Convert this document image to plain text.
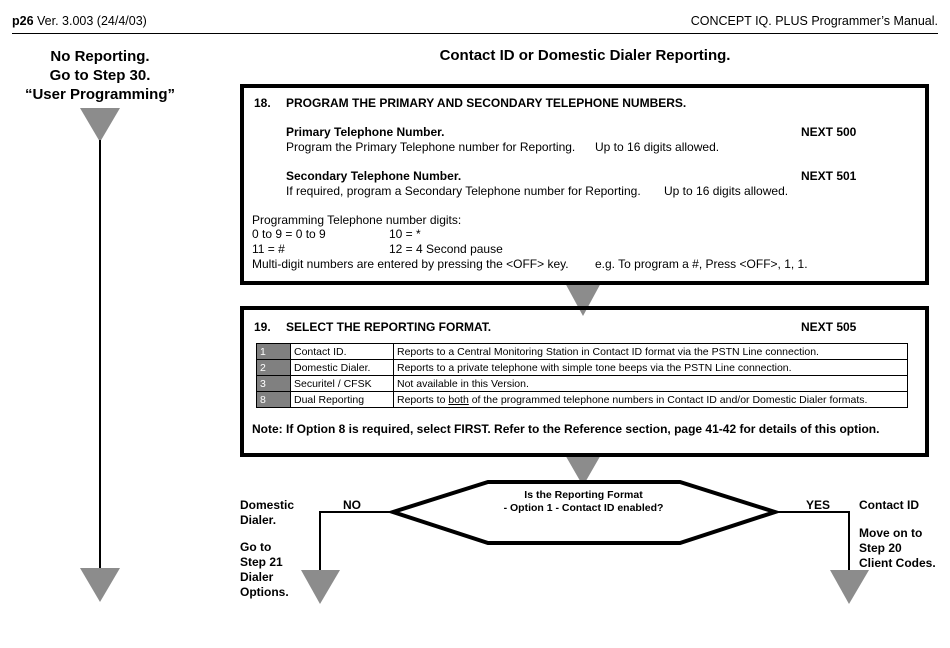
p26 Ver. 3.003 (24/4/03)	CONCEPT IQ. PLUS Programmer’s Manual.
No Reporting.
Go to Step 30.
“User Programming”
Contact ID or Domestic Dialer Reporting.
18. PROGRAM THE PRIMARY AND SECONDARY TELEPHONE NUMBERS.
Primary Telephone Number.	NEXT 500
Program the Primary Telephone number for Reporting. Up to 16 digits allowed.
Secondary Telephone Number.	NEXT 501
If required, program a Secondary Telephone number for Reporting. Up to 16 digits allowed.
Programming Telephone number digits:
0 to 9 = 0 to 9	10 = *
11 = #	12 = 4 Second pause
Multi-digit numbers are entered by pressing the <OFF> key. e.g. To program a #, Press <OFF>, 1, 1.
19. SELECT THE REPORTING FORMAT.	NEXT 505
1	Contact ID.	Reports to a Central Monitoring Station in Contact ID format via the PSTN Line connection.
2	Domestic Dialer.	Reports to a private telephone with simple tone beeps via the PSTN Line connection.
3	Securitel / CFSK	Not available in this Version.
8	Dual Reporting	Reports to both of the programmed telephone numbers in Contact ID and/or Domestic Dialer formats.
Note: If Option 8 is required, select FIRST. Refer to the Reference section, page 41-42 for details of this option.
Is the Reporting Format
- Option 1 - Contact ID enabled?
NO	YES
Domestic
Dialer.
Go to
Step 21
Dialer
Options.
Contact ID
Move on to
Step 20
Client Codes.
